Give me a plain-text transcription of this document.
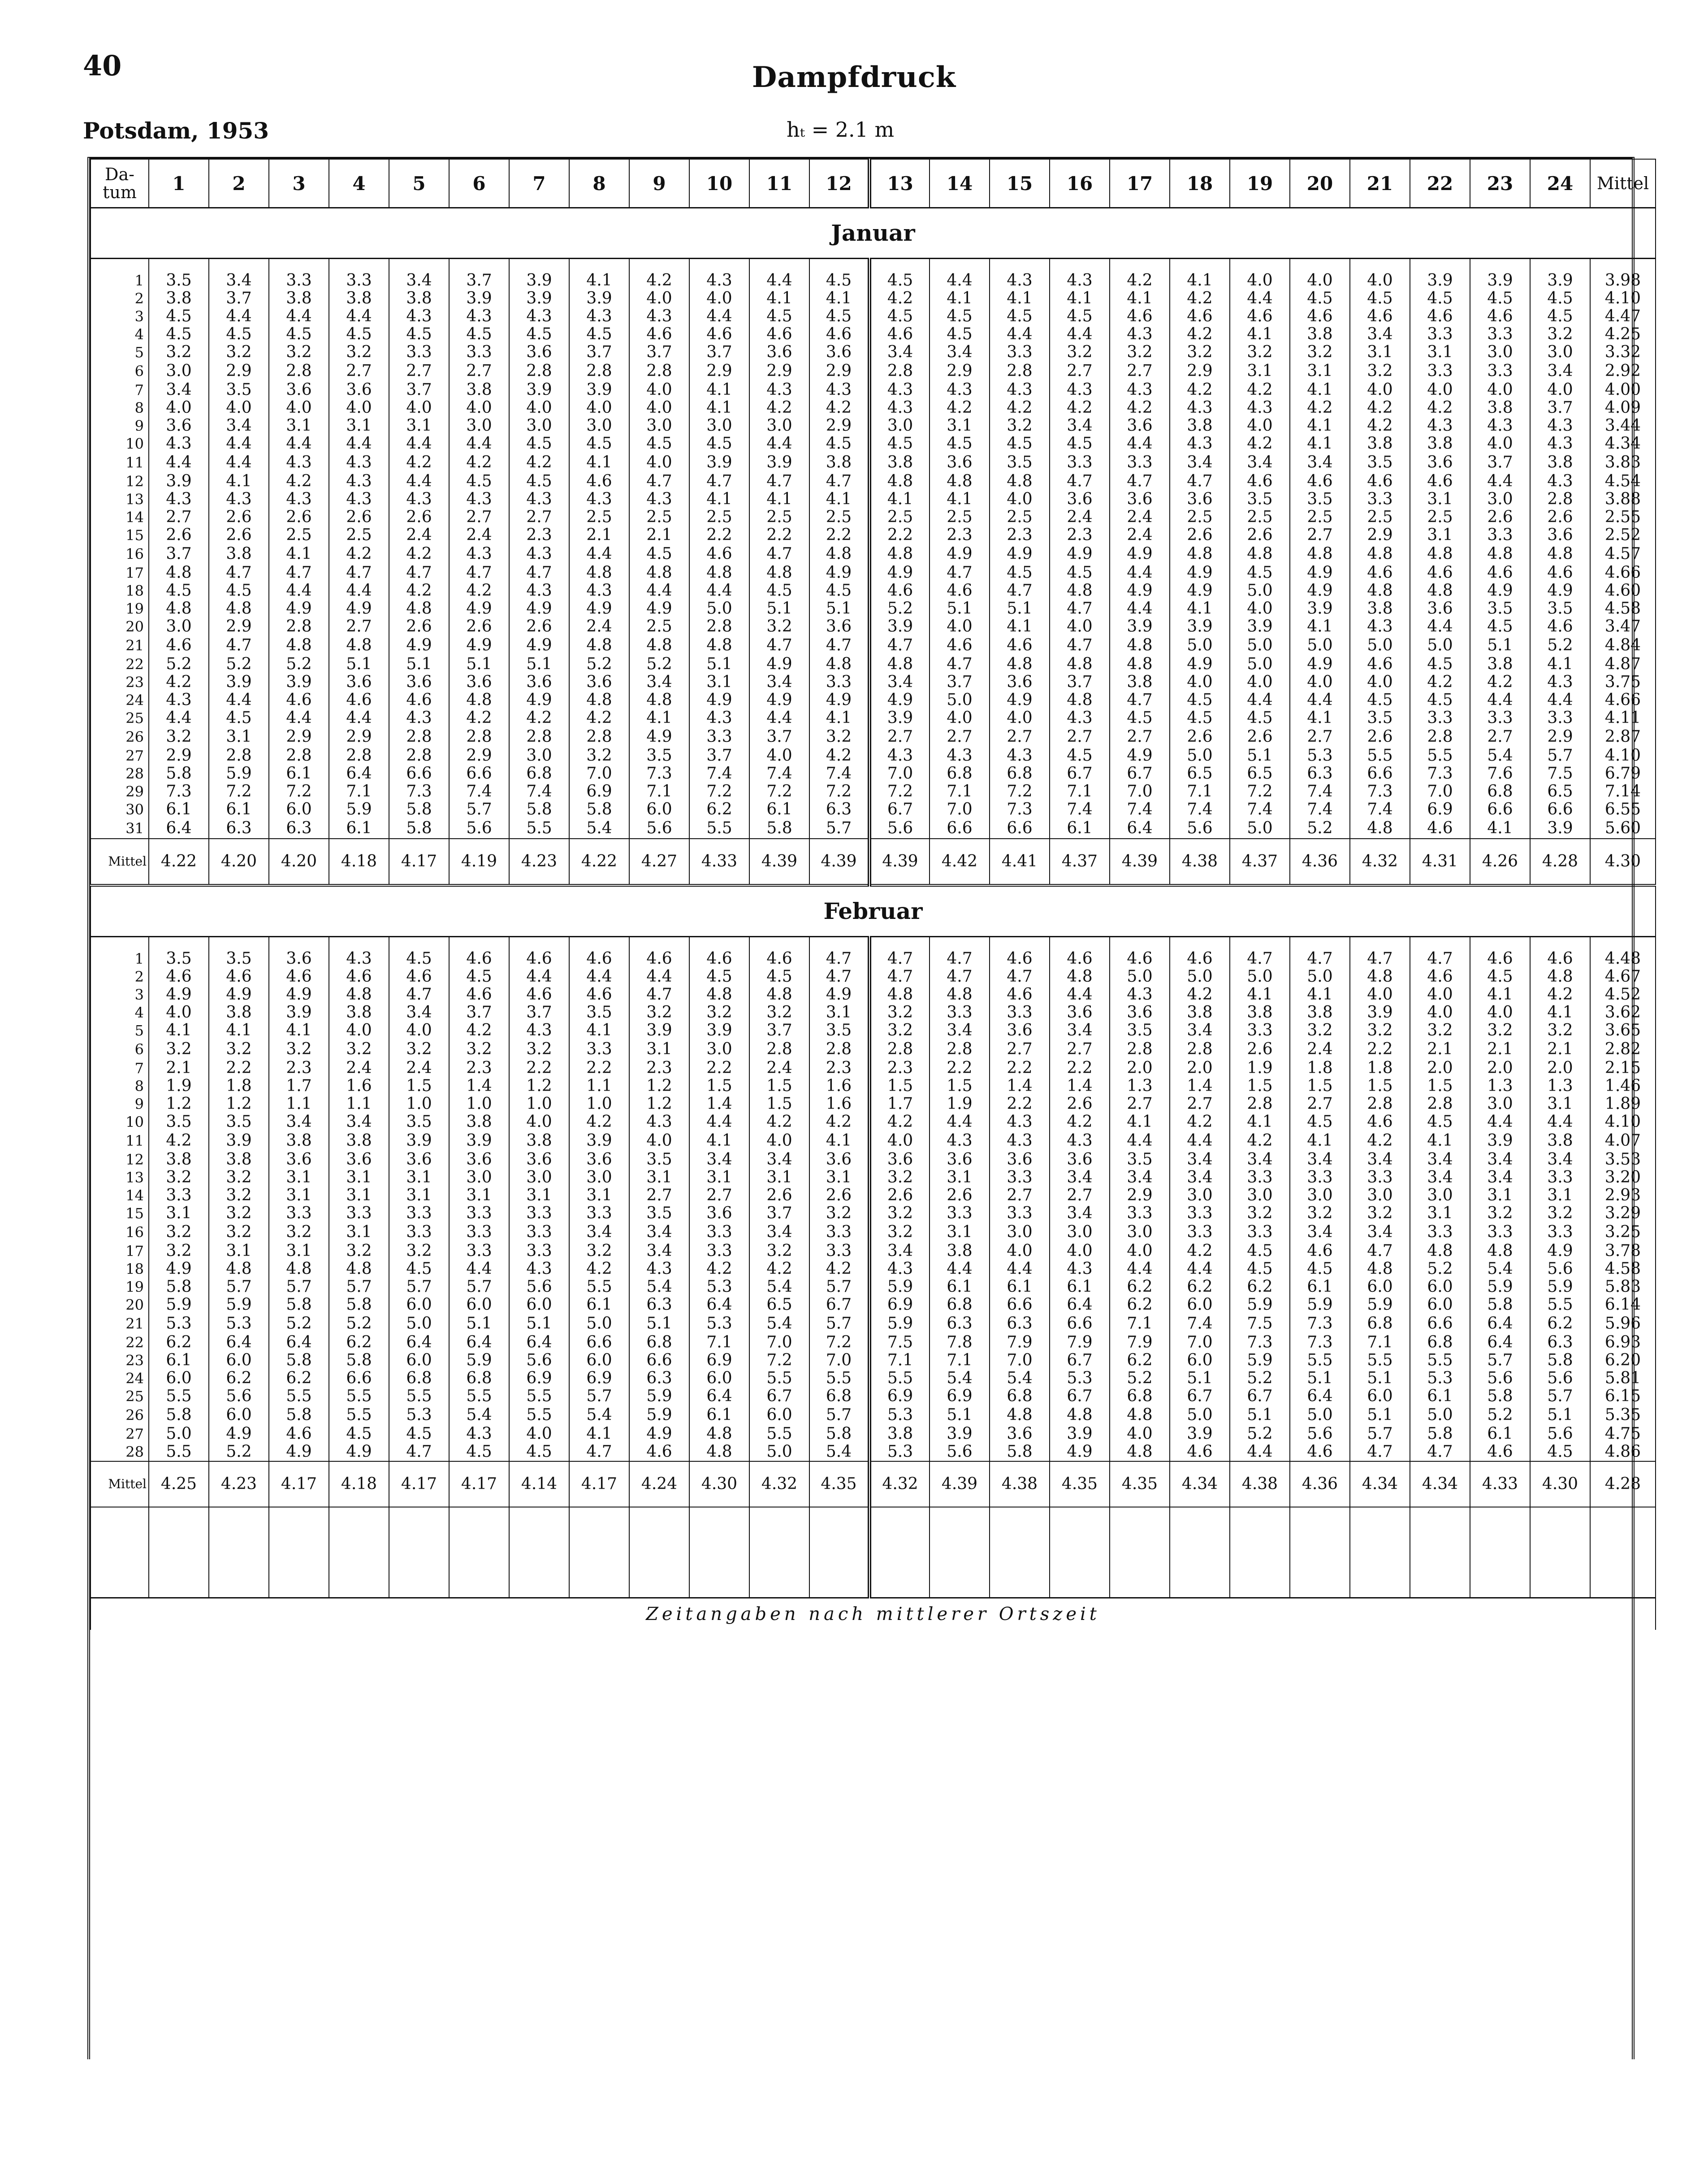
40	Dampfdruck
Potsdam, 1953	hₜ = 2.1 m
Da-
tum	1	2	3	4	5	6	7	8	9	10	11	12	13	14	15	16	17	18	19	20	21	22	23	24	Mittel
Januar																									
1	3.5	3.4	3.3	3.3	3.4	3.7	3.9	4.1	4.2	4.3	4.4	4.5	4.5	4.4	4.3	4.3	4.2	4.1	4.0	4.0	4.0	3.9	3.9	3.9	3.98
2	3.8	3.7	3.8	3.8	3.8	3.9	3.9	3.9	4.0	4.0	4.1	4.1	4.2	4.1	4.1	4.1	4.1	4.2	4.4	4.5	4.5	4.5	4.5	4.5	4.10
3	4.5	4.4	4.4	4.4	4.3	4.3	4.3	4.3	4.3	4.4	4.5	4.5	4.5	4.5	4.5	4.5	4.6	4.6	4.6	4.6	4.6	4.6	4.6	4.5	4.47
4	4.5	4.5	4.5	4.5	4.5	4.5	4.5	4.5	4.6	4.6	4.6	4.6	4.6	4.5	4.4	4.4	4.3	4.2	4.1	3.8	3.4	3.3	3.3	3.2	4.25
5	3.2	3.2	3.2	3.2	3.3	3.3	3.6	3.7	3.7	3.7	3.6	3.6	3.4	3.4	3.3	3.2	3.2	3.2	3.2	3.2	3.1	3.1	3.0	3.0	3.32
6	3.0	2.9	2.8	2.7	2.7	2.7	2.8	2.8	2.8	2.9	2.9	2.9	2.8	2.9	2.8	2.7	2.7	2.9	3.1	3.1	3.2	3.3	3.3	3.4	2.92
7	3.4	3.5	3.6	3.6	3.7	3.8	3.9	3.9	4.0	4.1	4.3	4.3	4.3	4.3	4.3	4.3	4.3	4.2	4.2	4.1	4.0	4.0	4.0	4.0	4.00
8	4.0	4.0	4.0	4.0	4.0	4.0	4.0	4.0	4.0	4.1	4.2	4.2	4.3	4.2	4.2	4.2	4.2	4.3	4.3	4.2	4.2	4.2	3.8	3.7	4.09
9	3.6	3.4	3.1	3.1	3.1	3.0	3.0	3.0	3.0	3.0	3.0	2.9	3.0	3.1	3.2	3.4	3.6	3.8	4.0	4.1	4.2	4.3	4.3	4.3	3.44
10	4.3	4.4	4.4	4.4	4.4	4.4	4.5	4.5	4.5	4.5	4.4	4.5	4.5	4.5	4.5	4.5	4.4	4.3	4.2	4.1	3.8	3.8	4.0	4.3	4.34
11	4.4	4.4	4.3	4.3	4.2	4.2	4.2	4.1	4.0	3.9	3.9	3.8	3.8	3.6	3.5	3.3	3.3	3.4	3.4	3.4	3.5	3.6	3.7	3.8	3.83
12	3.9	4.1	4.2	4.3	4.4	4.5	4.5	4.6	4.7	4.7	4.7	4.7	4.8	4.8	4.8	4.7	4.7	4.7	4.6	4.6	4.6	4.6	4.4	4.3	4.54
13	4.3	4.3	4.3	4.3	4.3	4.3	4.3	4.3	4.3	4.1	4.1	4.1	4.1	4.1	4.0	3.6	3.6	3.6	3.5	3.5	3.3	3.1	3.0	2.8	3.88
14	2.7	2.6	2.6	2.6	2.6	2.7	2.7	2.5	2.5	2.5	2.5	2.5	2.5	2.5	2.5	2.4	2.4	2.5	2.5	2.5	2.5	2.5	2.6	2.6	2.55
15	2.6	2.6	2.5	2.5	2.4	2.4	2.3	2.1	2.1	2.2	2.2	2.2	2.2	2.3	2.3	2.3	2.4	2.6	2.6	2.7	2.9	3.1	3.3	3.6	2.52
16	3.7	3.8	4.1	4.2	4.2	4.3	4.3	4.4	4.5	4.6	4.7	4.8	4.8	4.9	4.9	4.9	4.9	4.8	4.8	4.8	4.8	4.8	4.8	4.8	4.57
17	4.8	4.7	4.7	4.7	4.7	4.7	4.7	4.8	4.8	4.8	4.8	4.9	4.9	4.7	4.5	4.5	4.4	4.9	4.5	4.9	4.6	4.6	4.6	4.6	4.66
18	4.5	4.5	4.4	4.4	4.2	4.2	4.3	4.3	4.4	4.4	4.5	4.5	4.6	4.6	4.7	4.8	4.9	4.9	5.0	4.9	4.8	4.8	4.9	4.9	4.60
19	4.8	4.8	4.9	4.9	4.8	4.9	4.9	4.9	4.9	5.0	5.1	5.1	5.2	5.1	5.1	4.7	4.4	4.1	4.0	3.9	3.8	3.6	3.5	3.5	4.58
20	3.0	2.9	2.8	2.7	2.6	2.6	2.6	2.4	2.5	2.8	3.2	3.6	3.9	4.0	4.1	4.0	3.9	3.9	3.9	4.1	4.3	4.4	4.5	4.6	3.47
21	4.6	4.7	4.8	4.8	4.9	4.9	4.9	4.8	4.8	4.8	4.7	4.7	4.7	4.6	4.6	4.7	4.8	5.0	5.0	5.0	5.0	5.0	5.1	5.2	4.84
22	5.2	5.2	5.2	5.1	5.1	5.1	5.1	5.2	5.2	5.1	4.9	4.8	4.8	4.7	4.8	4.8	4.8	4.9	5.0	4.9	4.6	4.5	3.8	4.1	4.87
23	4.2	3.9	3.9	3.6	3.6	3.6	3.6	3.6	3.4	3.1	3.4	3.3	3.4	3.7	3.6	3.7	3.8	4.0	4.0	4.0	4.0	4.2	4.2	4.3	3.75
24	4.3	4.4	4.6	4.6	4.6	4.8	4.9	4.8	4.8	4.9	4.9	4.9	4.9	5.0	4.9	4.8	4.7	4.5	4.4	4.4	4.5	4.5	4.4	4.4	4.66
25	4.4	4.5	4.4	4.4	4.3	4.2	4.2	4.2	4.1	4.3	4.4	4.1	3.9	4.0	4.0	4.3	4.5	4.5	4.5	4.1	3.5	3.3	3.3	3.3	4.11
26	3.2	3.1	2.9	2.9	2.8	2.8	2.8	2.8	4.9	3.3	3.7	3.2	2.7	2.7	2.7	2.7	2.7	2.6	2.6	2.7	2.6	2.8	2.7	2.9	2.87
27	2.9	2.8	2.8	2.8	2.8	2.9	3.0	3.2	3.5	3.7	4.0	4.2	4.3	4.3	4.3	4.5	4.9	5.0	5.1	5.3	5.5	5.5	5.4	5.7	4.10
28	5.8	5.9	6.1	6.4	6.6	6.6	6.8	7.0	7.3	7.4	7.4	7.4	7.0	6.8	6.8	6.7	6.7	6.5	6.5	6.3	6.6	7.3	7.6	7.5	6.79
29	7.3	7.2	7.2	7.1	7.3	7.4	7.4	6.9	7.1	7.2	7.2	7.2	7.2	7.1	7.2	7.1	7.0	7.1	7.2	7.4	7.3	7.0	6.8	6.5	7.14
30	6.1	6.1	6.0	5.9	5.8	5.7	5.8	5.8	6.0	6.2	6.1	6.3	6.7	7.0	7.3	7.4	7.4	7.4	7.4	7.4	7.4	6.9	6.6	6.6	6.55
31	6.4	6.3	6.3	6.1	5.8	5.6	5.5	5.4	5.6	5.5	5.8	5.7	5.6	6.6	6.6	6.1	6.4	5.6	5.0	5.2	4.8	4.6	4.1	3.9	5.60
Mittel	4.22	4.20	4.20	4.18	4.17	4.19	4.23	4.22	4.27	4.33	4.39	4.39	4.39	4.42	4.41	4.37	4.39	4.38	4.37	4.36	4.32	4.31	4.26	4.28	4.30
Februar																									
1	3.5	3.5	3.6	4.3	4.5	4.6	4.6	4.6	4.6	4.6	4.6	4.7	4.7	4.7	4.6	4.6	4.6	4.6	4.7	4.7	4.7	4.7	4.6	4.6	4.48
2	4.6	4.6	4.6	4.6	4.6	4.5	4.4	4.4	4.4	4.5	4.5	4.7	4.7	4.7	4.7	4.8	5.0	5.0	5.0	5.0	4.8	4.6	4.5	4.8	4.67
3	4.9	4.9	4.9	4.8	4.7	4.6	4.6	4.6	4.7	4.8	4.8	4.9	4.8	4.8	4.6	4.4	4.3	4.2	4.1	4.1	4.0	4.0	4.1	4.2	4.52
4	4.0	3.8	3.9	3.8	3.4	3.7	3.7	3.5	3.2	3.2	3.2	3.1	3.2	3.3	3.3	3.6	3.6	3.8	3.8	3.8	3.9	4.0	4.0	4.1	3.62
5	4.1	4.1	4.1	4.0	4.0	4.2	4.3	4.1	3.9	3.9	3.7	3.5	3.2	3.4	3.6	3.4	3.5	3.4	3.3	3.2	3.2	3.2	3.2	3.2	3.65
6	3.2	3.2	3.2	3.2	3.2	3.2	3.2	3.3	3.1	3.0	2.8	2.8	2.8	2.8	2.7	2.7	2.8	2.8	2.6	2.4	2.2	2.1	2.1	2.1	2.82
7	2.1	2.2	2.3	2.4	2.4	2.3	2.2	2.2	2.3	2.2	2.4	2.3	2.3	2.2	2.2	2.2	2.0	2.0	1.9	1.8	1.8	2.0	2.0	2.0	2.15
8	1.9	1.8	1.7	1.6	1.5	1.4	1.2	1.1	1.2	1.5	1.5	1.6	1.5	1.5	1.4	1.4	1.3	1.4	1.5	1.5	1.5	1.5	1.3	1.3	1.46
9	1.2	1.2	1.1	1.1	1.0	1.0	1.0	1.0	1.2	1.4	1.5	1.6	1.7	1.9	2.2	2.6	2.7	2.7	2.8	2.7	2.8	2.8	3.0	3.1	1.89
10	3.5	3.5	3.4	3.4	3.5	3.8	4.0	4.2	4.3	4.4	4.2	4.2	4.2	4.4	4.3	4.2	4.1	4.2	4.1	4.5	4.6	4.5	4.4	4.4	4.10
11	4.2	3.9	3.8	3.8	3.9	3.9	3.8	3.9	4.0	4.1	4.0	4.1	4.0	4.3	4.3	4.3	4.4	4.4	4.2	4.1	4.2	4.1	3.9	3.8	4.07
12	3.8	3.8	3.6	3.6	3.6	3.6	3.6	3.6	3.5	3.4	3.4	3.6	3.6	3.6	3.6	3.6	3.5	3.4	3.4	3.4	3.4	3.4	3.4	3.4	3.53
13	3.2	3.2	3.1	3.1	3.1	3.0	3.0	3.0	3.1	3.1	3.1	3.1	3.2	3.1	3.3	3.4	3.4	3.4	3.3	3.3	3.3	3.4	3.4	3.3	3.20
14	3.3	3.2	3.1	3.1	3.1	3.1	3.1	3.1	2.7	2.7	2.6	2.6	2.6	2.6	2.7	2.7	2.9	3.0	3.0	3.0	3.0	3.0	3.1	3.1	2.93
15	3.1	3.2	3.3	3.3	3.3	3.3	3.3	3.3	3.5	3.6	3.7	3.2	3.2	3.3	3.3	3.4	3.3	3.3	3.2	3.2	3.2	3.1	3.2	3.2	3.29
16	3.2	3.2	3.2	3.1	3.3	3.3	3.3	3.4	3.4	3.3	3.4	3.3	3.2	3.1	3.0	3.0	3.0	3.3	3.3	3.4	3.4	3.3	3.3	3.3	3.25
17	3.2	3.1	3.1	3.2	3.2	3.3	3.3	3.2	3.4	3.3	3.2	3.3	3.4	3.8	4.0	4.0	4.0	4.2	4.5	4.6	4.7	4.8	4.8	4.9	3.78
18	4.9	4.8	4.8	4.8	4.5	4.4	4.3	4.2	4.3	4.2	4.2	4.2	4.3	4.4	4.4	4.3	4.4	4.4	4.5	4.5	4.8	5.2	5.4	5.6	4.58
19	5.8	5.7	5.7	5.7	5.7	5.7	5.6	5.5	5.4	5.3	5.4	5.7	5.9	6.1	6.1	6.1	6.2	6.2	6.2	6.1	6.0	6.0	5.9	5.9	5.83
20	5.9	5.9	5.8	5.8	6.0	6.0	6.0	6.1	6.3	6.4	6.5	6.7	6.9	6.8	6.6	6.4	6.2	6.0	5.9	5.9	5.9	6.0	5.8	5.5	6.14
21	5.3	5.3	5.2	5.2	5.0	5.1	5.1	5.0	5.1	5.3	5.4	5.7	5.9	6.3	6.3	6.6	7.1	7.4	7.5	7.3	6.8	6.6	6.4	6.2	5.96
22	6.2	6.4	6.4	6.2	6.4	6.4	6.4	6.6	6.8	7.1	7.0	7.2	7.5	7.8	7.9	7.9	7.9	7.0	7.3	7.3	7.1	6.8	6.4	6.3	6.93
23	6.1	6.0	5.8	5.8	6.0	5.9	5.6	6.0	6.6	6.9	7.2	7.0	7.1	7.1	7.0	6.7	6.2	6.0	5.9	5.5	5.5	5.5	5.7	5.8	6.20
24	6.0	6.2	6.2	6.6	6.8	6.8	6.9	6.9	6.3	6.0	5.5	5.5	5.5	5.4	5.4	5.3	5.2	5.1	5.2	5.1	5.1	5.3	5.6	5.6	5.81
25	5.5	5.6	5.5	5.5	5.5	5.5	5.5	5.7	5.9	6.4	6.7	6.8	6.9	6.9	6.8	6.7	6.8	6.7	6.7	6.4	6.0	6.1	5.8	5.7	6.15
26	5.8	6.0	5.8	5.5	5.3	5.4	5.5	5.4	5.9	6.1	6.0	5.7	5.3	5.1	4.8	4.8	4.8	5.0	5.1	5.0	5.1	5.0	5.2	5.1	5.35
27	5.0	4.9	4.6	4.5	4.5	4.3	4.0	4.1	4.9	4.8	5.5	5.8	3.8	3.9	3.6	3.9	4.0	3.9	5.2	5.6	5.7	5.8	6.1	5.6	4.75
28	5.5	5.2	4.9	4.9	4.7	4.5	4.5	4.7	4.6	4.8	5.0	5.4	5.3	5.6	5.8	4.9	4.8	4.6	4.4	4.6	4.7	4.7	4.6	4.5	4.86
Mittel	4.25	4.23	4.17	4.18	4.17	4.17	4.14	4.17	4.24	4.30	4.32	4.35	4.32	4.39	4.38	4.35	4.35	4.34	4.38	4.36	4.34	4.34	4.33	4.30	4.28

Zeitangaben nach mittlerer Ortszeit																									
